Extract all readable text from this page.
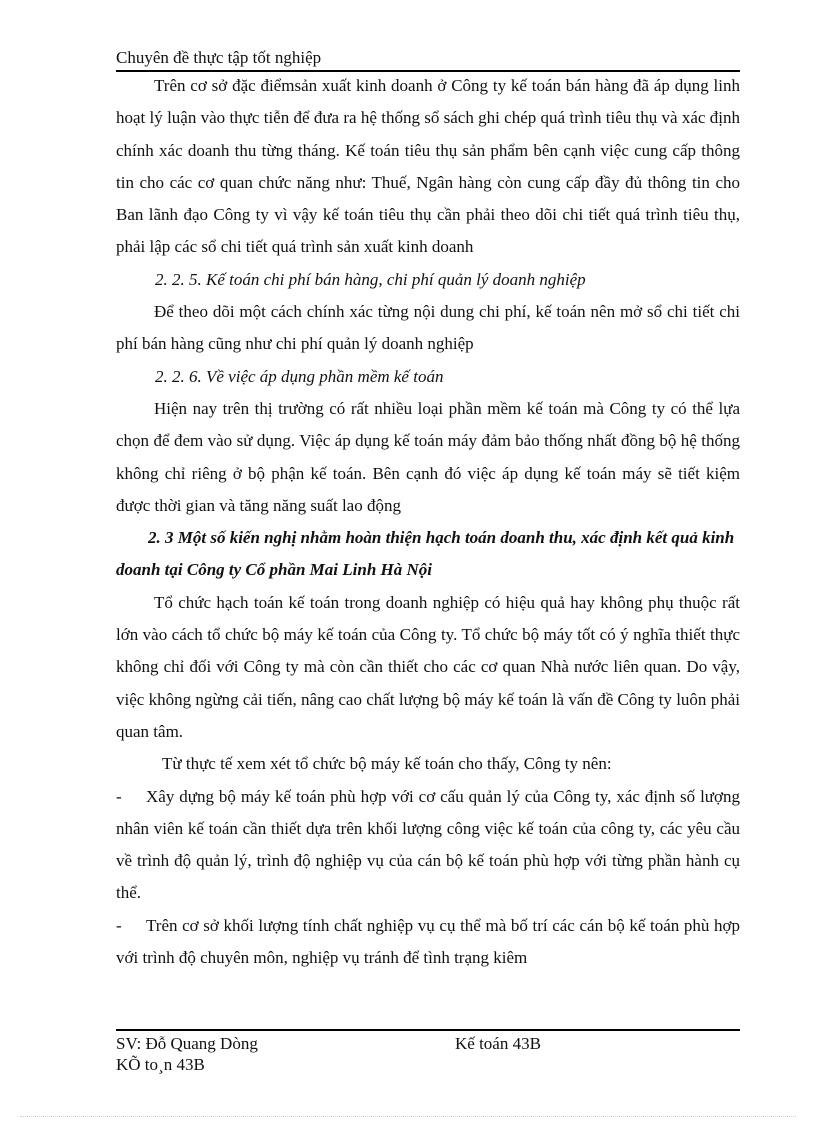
Chuyên đề thực tập tốt nghiệp

Trên cơ sở đặc điểmsản xuất kinh doanh ở Công ty kế toán bán hàng đã áp dụng linh hoạt lý luận vào thực tiễn để đưa ra hệ thống sổ sách ghi chép quá trình tiêu thụ và xác định chính xác doanh thu từng tháng. Kế toán tiêu thụ sản phẩm bên cạnh việc cung cấp thông tin cho các cơ quan chức năng như: Thuế, Ngân hàng còn cung cấp đầy đủ thông tin cho Ban lãnh đạo Công ty vì vậy kế toán tiêu thụ cần phải theo dõi chi tiết quá trình tiêu thụ, phải lập các sổ chi tiết quá trình sản xuất kinh doanh

2. 2. 5. Kế toán chi phí bán hàng, chi phí quản lý doanh nghiệp

Để theo dõi một cách chính xác từng nội dung chi phí, kế toán nên mở sổ chi tiết chi phí bán hàng cũng như chi phí quản lý doanh nghiệp

2. 2. 6. Về việc áp dụng phần mềm kế toán

Hiện nay trên thị trường có rất nhiều loại phần mềm kế toán mà Công ty có thể lựa chọn để đem vào sử dụng. Việc áp dụng kế toán máy đảm bảo thống nhất đồng bộ hệ thống không chỉ riêng ở bộ phận kế toán. Bên cạnh đó việc áp dụng kế toán máy sẽ tiết kiệm được thời gian và tăng năng suất lao động

2. 3 Một số kiến nghị nhằm hoàn thiện hạch toán doanh thu, xác định kết quả kinh doanh tại Công ty Cổ phần Mai Linh Hà Nội

Tổ chức hạch toán kế toán trong doanh nghiệp có hiệu quả hay không phụ thuộc rất lớn vào cách tổ chức bộ máy kế toán của Công ty. Tổ chức bộ máy tốt có ý nghĩa thiết thực không chỉ đối với Công ty mà còn cần thiết cho các cơ quan Nhà nước liên quan. Do vậy, việc không ngừng cải tiến, nâng cao chất lượng bộ máy kế toán là vấn đề Công ty luôn phải quan tâm.

Từ thực tế xem xét tổ chức bộ máy kế toán cho thấy, Công ty nên:

- Xây dựng bộ máy kế toán phù hợp với cơ cấu quản lý của Công ty, xác định số lượng nhân viên kế toán cần thiết dựa trên khối lượng công việc kế toán của công ty, các yêu cầu về trình độ quản lý, trình độ nghiệp vụ của cán bộ kế toán phù hợp với từng phần hành cụ thể.

- Trên cơ sở khối lượng tính chất nghiệp vụ cụ thể mà bố trí các cán bộ kế toán phù hợp với trình độ chuyên môn, nghiệp vụ tránh để tình trạng kiêm

SV: Đỗ Quang Dòng	Kế toán 43B
KÕ to¸n 43B
